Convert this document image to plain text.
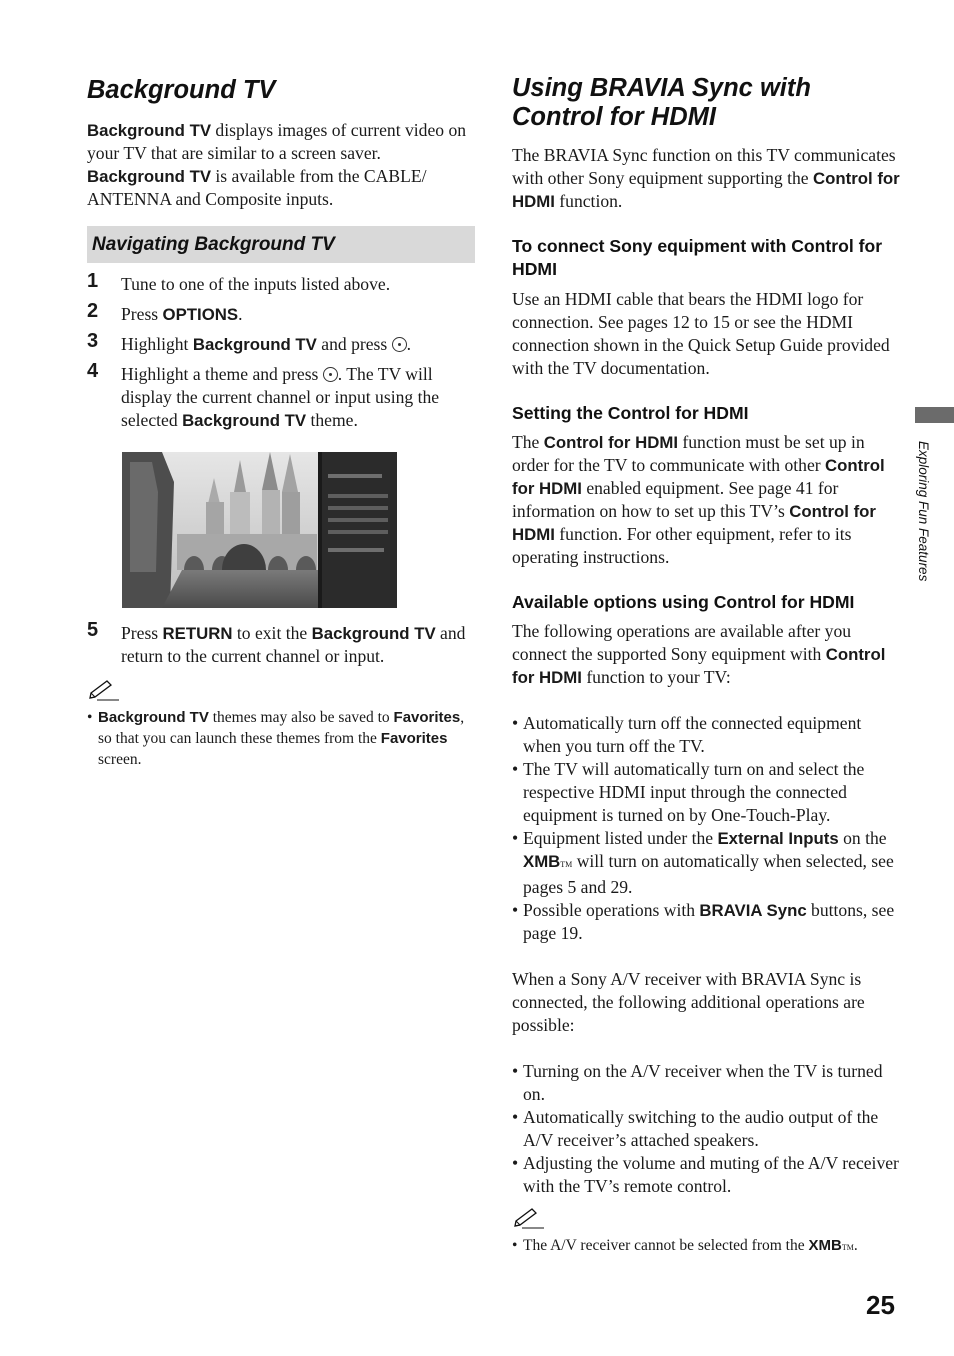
Background TV

Background TV displays images of current video on your TV that are similar to a screen saver. Background TV is available from the CABLE/ ANTENNA and Composite inputs.

Navigating Background TV
1 Tune to one of the inputs listed above.
2 Press OPTIONS.
3 Highlight Background TV and press .
4 Highlight a theme and press . The TV will display the current channel or input using the selected Background TV theme.
5 Press RETURN to exit the Background TV and return to the current channel or input.
• Background TV themes may also be saved to Favorites, so that you can launch these themes from the Favorites screen.
Using BRAVIA Sync with Control for HDMI

The BRAVIA Sync function on this TV communicates with other Sony equipment supporting the Control for HDMI function.

To connect Sony equipment with Control for HDMI

Use an HDMI cable that bears the HDMI logo for connection. See pages 12 to 15 or see the HDMI connection shown in the Quick Setup Guide provided with the TV documentation.

Setting the Control for HDMI

The Control for HDMI function must be set up in order for the TV to communicate with other Control for HDMI enabled equipment. See page 41 for information on how to set up this TV’s Control for HDMI function. For other equipment, refer to its operating instructions.

Available options using Control for HDMI

The following operations are available after you connect the supported Sony equipment with Control for HDMI function to your TV:

• Automatically turn off the connected equipment when you turn off the TV.
• The TV will automatically turn on and select the respective HDMI input through the connected equipment is turned on by One-Touch-Play.
• Equipment listed under the External Inputs on the XMBTM will turn on automatically when selected, see pages 5 and 29.
• Possible operations with BRAVIA Sync buttons, see page 19.

When a Sony A/V receiver with BRAVIA Sync is connected, the following additional operations are possible:

• Turning on the A/V receiver when the TV is turned on.
• Automatically switching to the audio output of the A/V receiver’s attached speakers.
• Adjusting the volume and muting of the A/V receiver with the TV’s remote control.
• The A/V receiver cannot be selected from the XMBTM.
Exploring Fun Features
25
